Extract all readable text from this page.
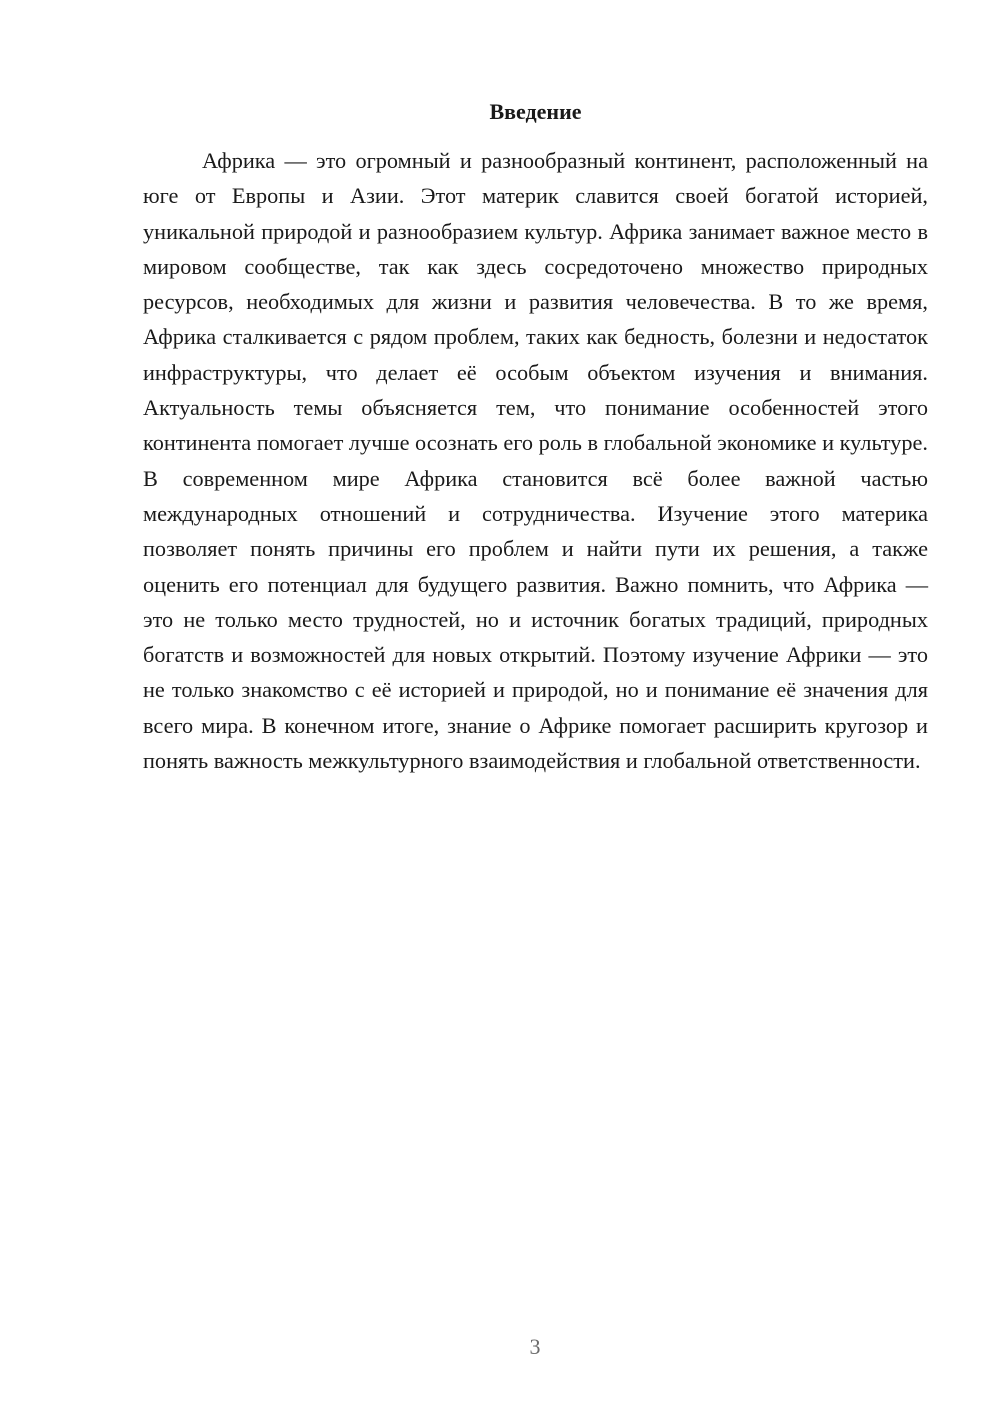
Введение

Африка — это огромный и разнообразный континент, расположенный на юге от Европы и Азии. Этот материк славится своей богатой историей, уникальной природой и разнообразием культур. Африка занимает важное место в мировом сообществе, так как здесь сосредоточено множество природных ресурсов, необходимых для жизни и развития человечества. В то же время, Африка сталкивается с рядом проблем, таких как бедность, болезни и недостаток инфраструктуры, что делает её особым объектом изучения и внимания. Актуальность темы объясняется тем, что понимание особенностей этого континента помогает лучше осознать его роль в глобальной экономике и культуре. В современном мире Африка становится всё более важной частью международных отношений и сотрудничества. Изучение этого материка позволяет понять причины его проблем и найти пути их решения, а также оценить его потенциал для будущего развития. Важно помнить, что Африка — это не только место трудностей, но и источник богатых традиций, природных богатств и возможностей для новых открытий. Поэтому изучение Африки — это не только знакомство с её историей и природой, но и понимание её значения для всего мира. В конечном итоге, знание о Африке помогает расширить кругозор и понять важность межкультурного взаимодействия и глобальной ответственности.

3
